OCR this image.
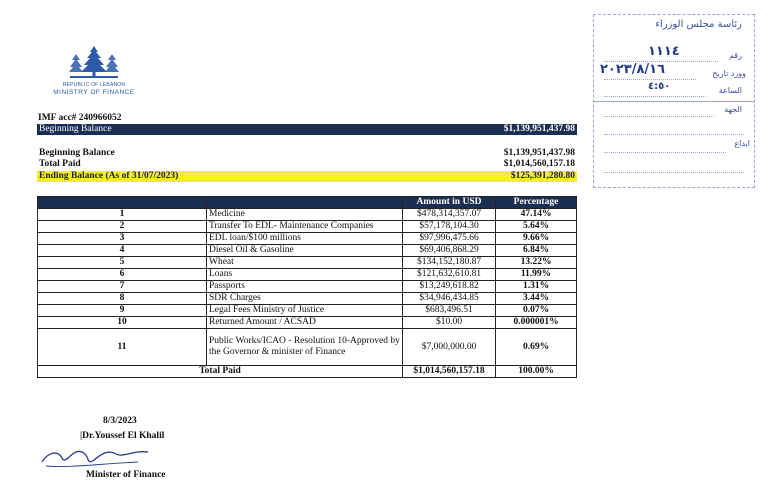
REPUBLIC OF LEBANON
MINISTRY OF FINANCE
رئاسة مجلس الوزراء
رقم
١١١٤
وورد تاريخ
٢٠٢٣/٨/١٦
الساعة
٤:٥٠
الجهة
ايداع
IMF acc# 240966052
Beginning Balance	$1,139,951,437.98
Beginning Balance	$1,139,951,437.98
Total Paid	$1,014,560,157.18
Ending Balance (As of 31/07/2023)	$125,391,280.80
		Amount in USD	Percentage
1	Medicine	$478,314,357.07	47.14%
2	Transfer To EDL- Maintenance Companies	$57,178,104.30	5.64%
3	EDL loan/$100 millions	$97,996,475.66	9.66%
4	Diesel Oil & Gasoline	$69,406,868.29	6.84%
5	Wheat	$134,152,180.87	13.22%
6	Loans	$121,632,610.81	11.99%
7	Passports	$13,249,618.82	1.31%
8	SDR Charges	$34,946,434.85	3.44%
9	Legal Fees Ministry of Justice	$683,496.51	0.07%
10	Returned Amount / ACSAD	$10.00	0.000001%
11	Public Works/ICAO - Resolution 10-Approved by the Governor & minister of Finance	$7,000,000.00	0.69%
Total Paid		$1,014,560,157.18	100.00%
8/3/2023
|Dr.Youssef El Khalil
Minister of Finance
